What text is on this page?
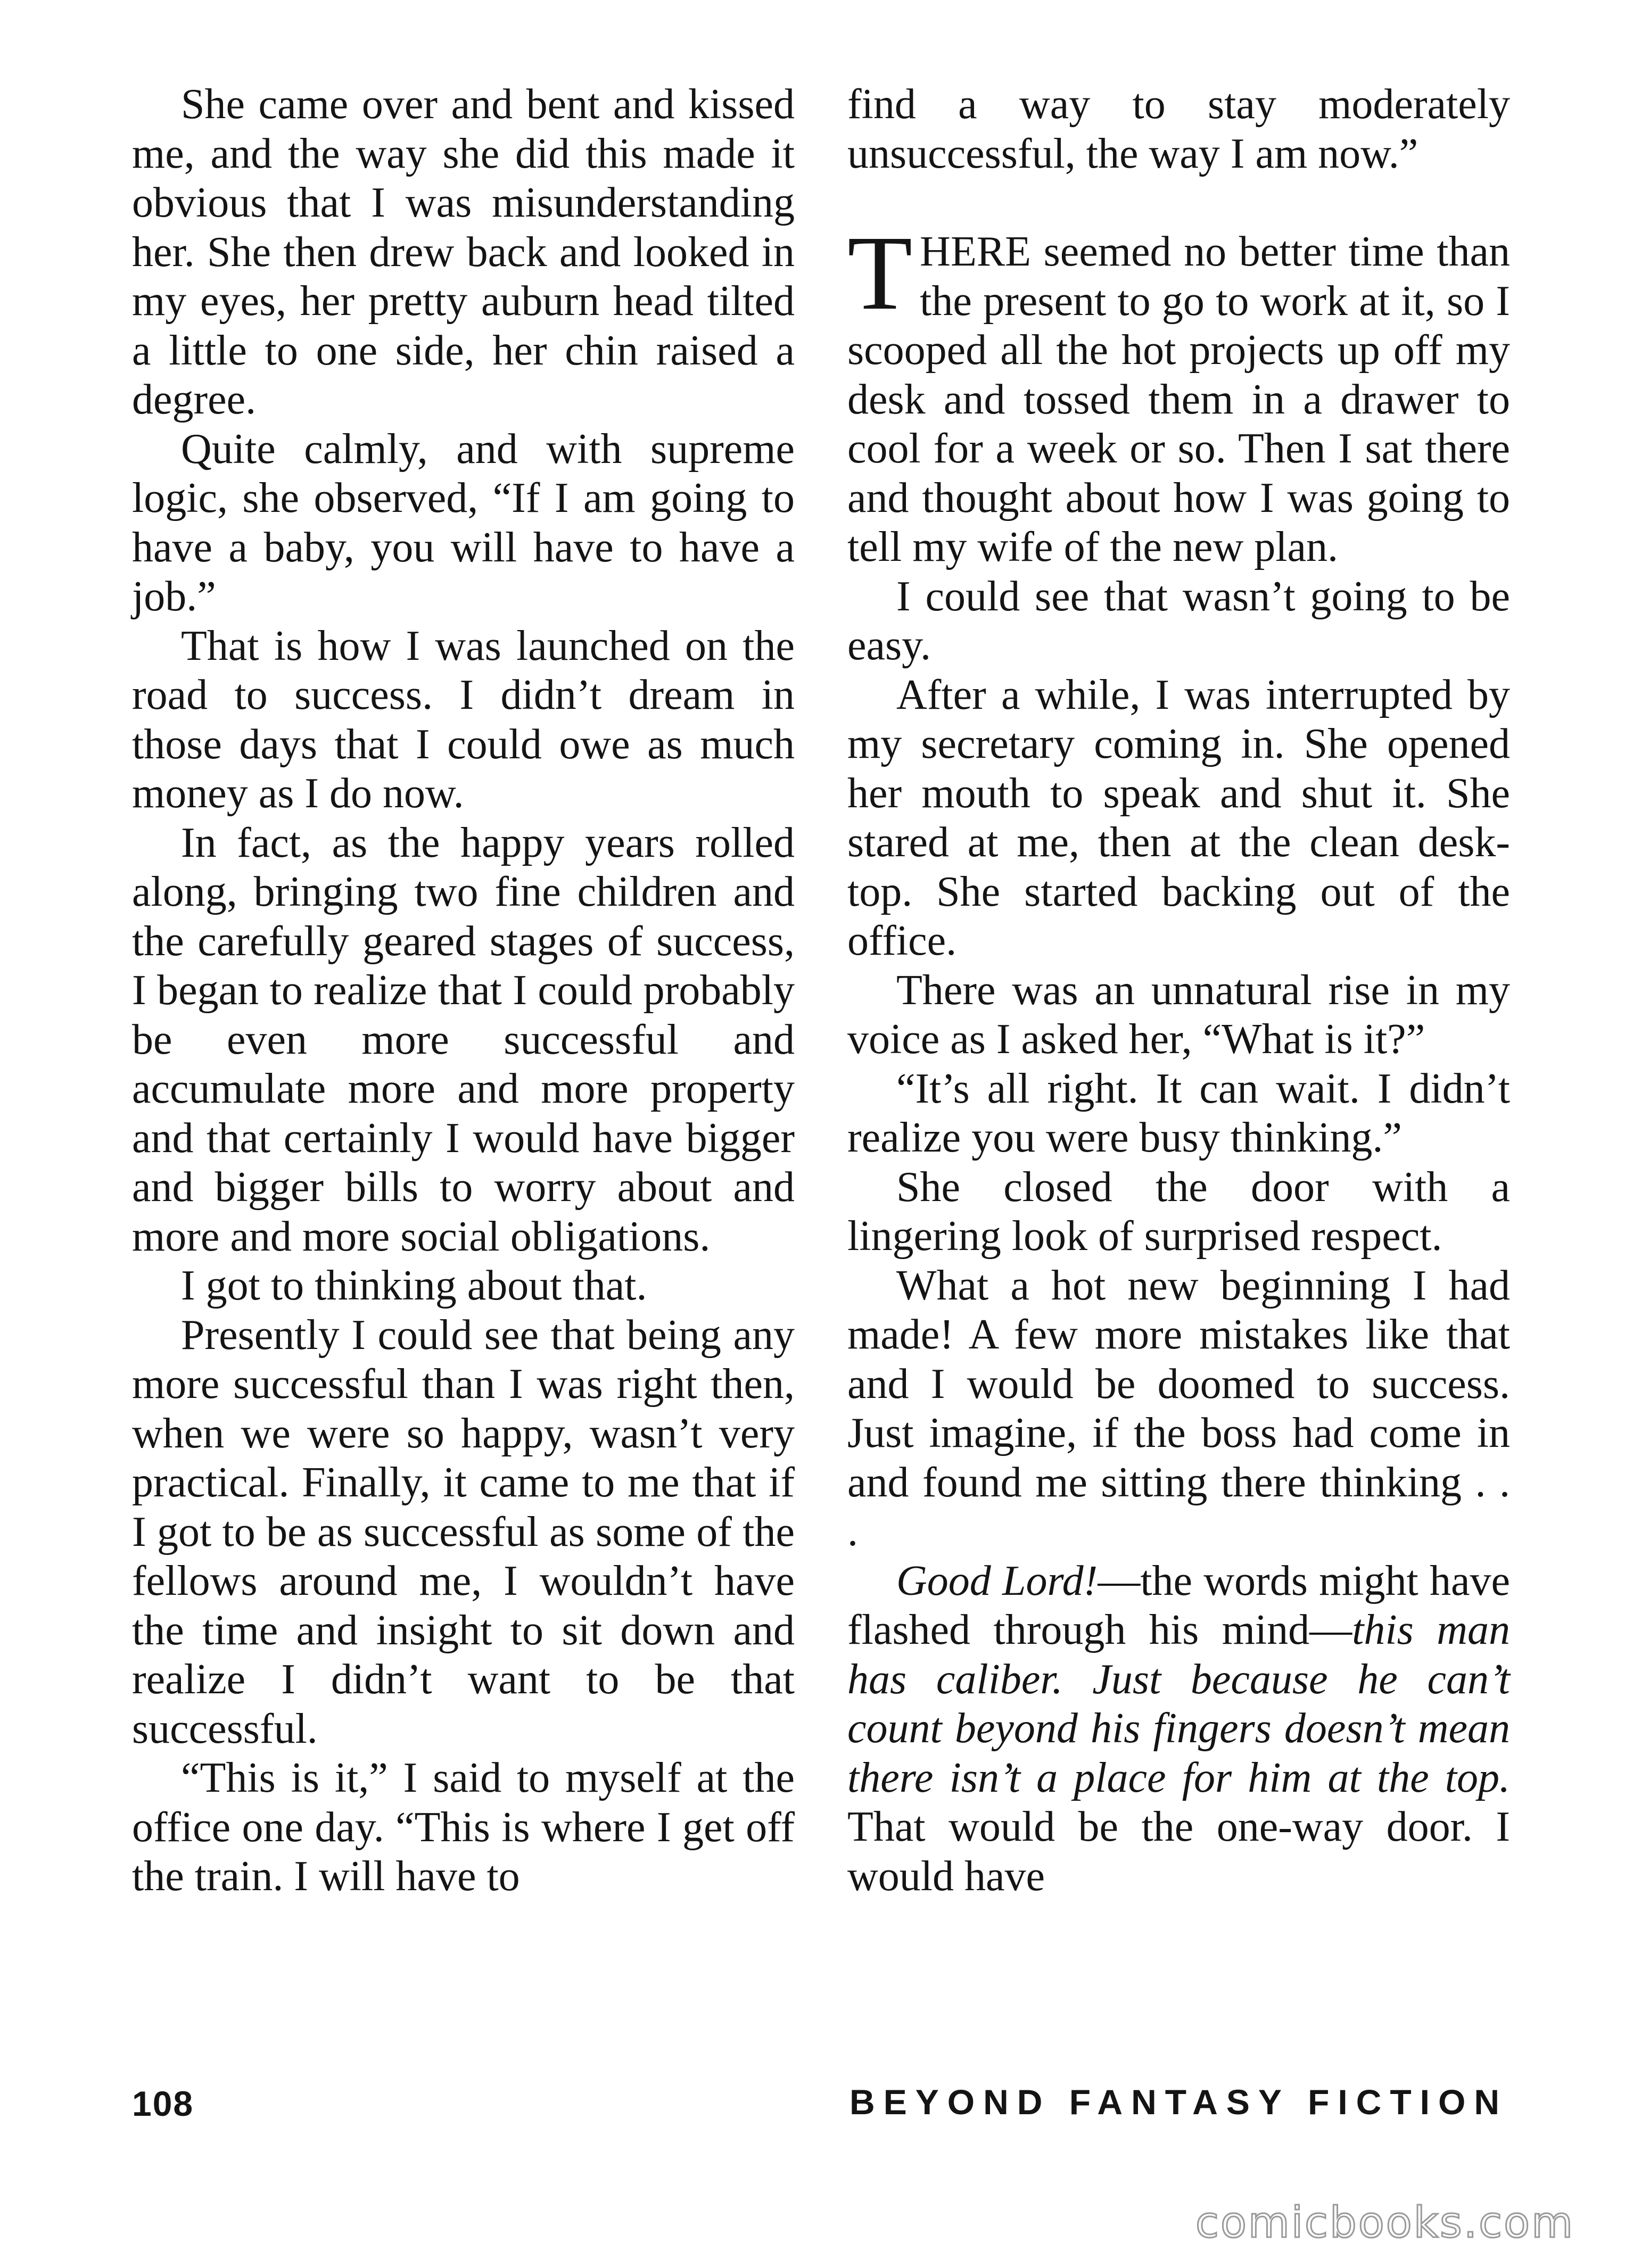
She came over and bent and kissed me, and the way she did this made it obvious that I was misunderstanding her. She then drew back and looked in my eyes, her pretty auburn head tilted a little to one side, her chin raised a degree.

Quite calmly, and with supreme logic, she observed, “If I am going to have a baby, you will have to have a job.”

That is how I was launched on the road to success. I didn’t dream in those days that I could owe as much money as I do now.

In fact, as the happy years rolled along, bringing two fine children and the carefully geared stages of success, I began to realize that I could probably be even more successful and accumulate more and more property and that certainly I would have bigger and bigger bills to worry about and more and more social obligations.

I got to thinking about that.

Presently I could see that being any more successful than I was right then, when we were so happy, wasn’t very practical. Finally, it came to me that if I got to be as successful as some of the fellows around me, I wouldn’t have the time and insight to sit down and realize I didn’t want to be that successful.

“This is it,” I said to myself at the office one day. “This is where I get off the train. I will have to

find a way to stay moderately unsuccessful, the way I am now.”

THERE seemed no better time than the present to go to work at it, so I scooped all the hot projects up off my desk and tossed them in a drawer to cool for a week or so. Then I sat there and thought about how I was going to tell my wife of the new plan.

I could see that wasn’t going to be easy.

After a while, I was interrupted by my secretary coming in. She opened her mouth to speak and shut it. She stared at me, then at the clean desk-top. She started backing out of the office.

There was an unnatural rise in my voice as I asked her, “What is it?”

“It’s all right. It can wait. I didn’t realize you were busy thinking.”

She closed the door with a lingering look of surprised respect.

What a hot new beginning I had made! A few more mistakes like that and I would be doomed to success. Just imagine, if the boss had come in and found me sitting there thinking . . .

Good Lord!—the words might have flashed through his mind—this man has caliber. Just because he can’t count beyond his fingers doesn’t mean there isn’t a place for him at the top. That would be the one-way door. I would have

108	BEYOND FANTASY FICTION
comicbooks.com
